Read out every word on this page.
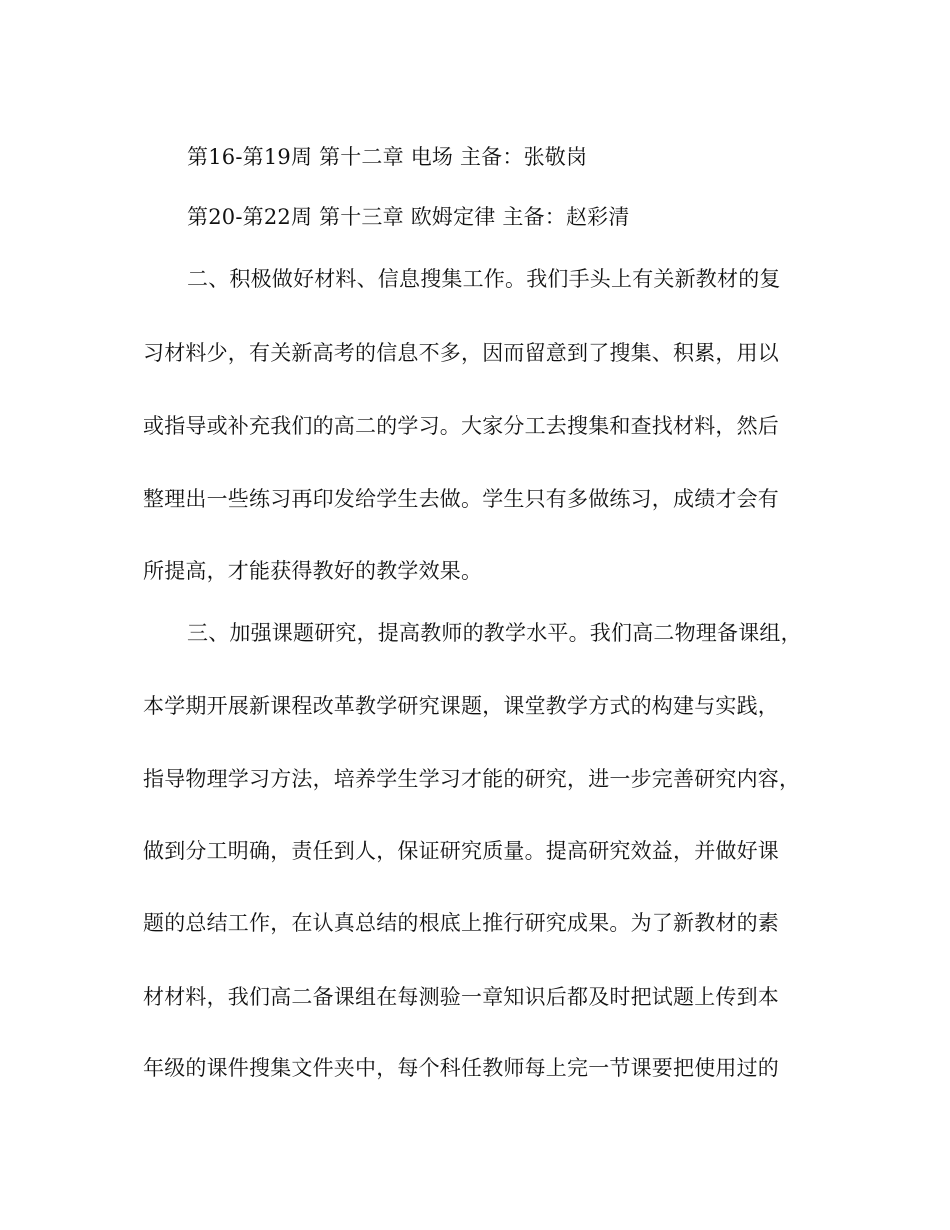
第16-第19周 第十二章 电场 主备：张敬岗
第20-第22周 第十三章 欧姆定律 主备：赵彩清
二、积极做好材料、信息搜集工作。我们手头上有关新教材的复
习材料少，有关新高考的信息不多，因而留意到了搜集、积累，用以
或指导或补充我们的高二的学习。大家分工去搜集和查找材料，然后
整理出一些练习再印发给学生去做。学生只有多做练习，成绩才会有
所提高，才能获得教好的教学效果。
三、加强课题研究，提高教师的教学水平。我们高二物理备课组，
本学期开展新课程改革教学研究课题，课堂教学方式的构建与实践，
指导物理学习方法，培养学生学习才能的研究，进一步完善研究内容，
做到分工明确，责任到人，保证研究质量。提高研究效益，并做好课
题的总结工作，在认真总结的根底上推行研究成果。为了新教材的素
材材料，我们高二备课组在每测验一章知识后都及时把试题上传到本
年级的课件搜集文件夹中，每个科任教师每上完一节课要把使用过的
